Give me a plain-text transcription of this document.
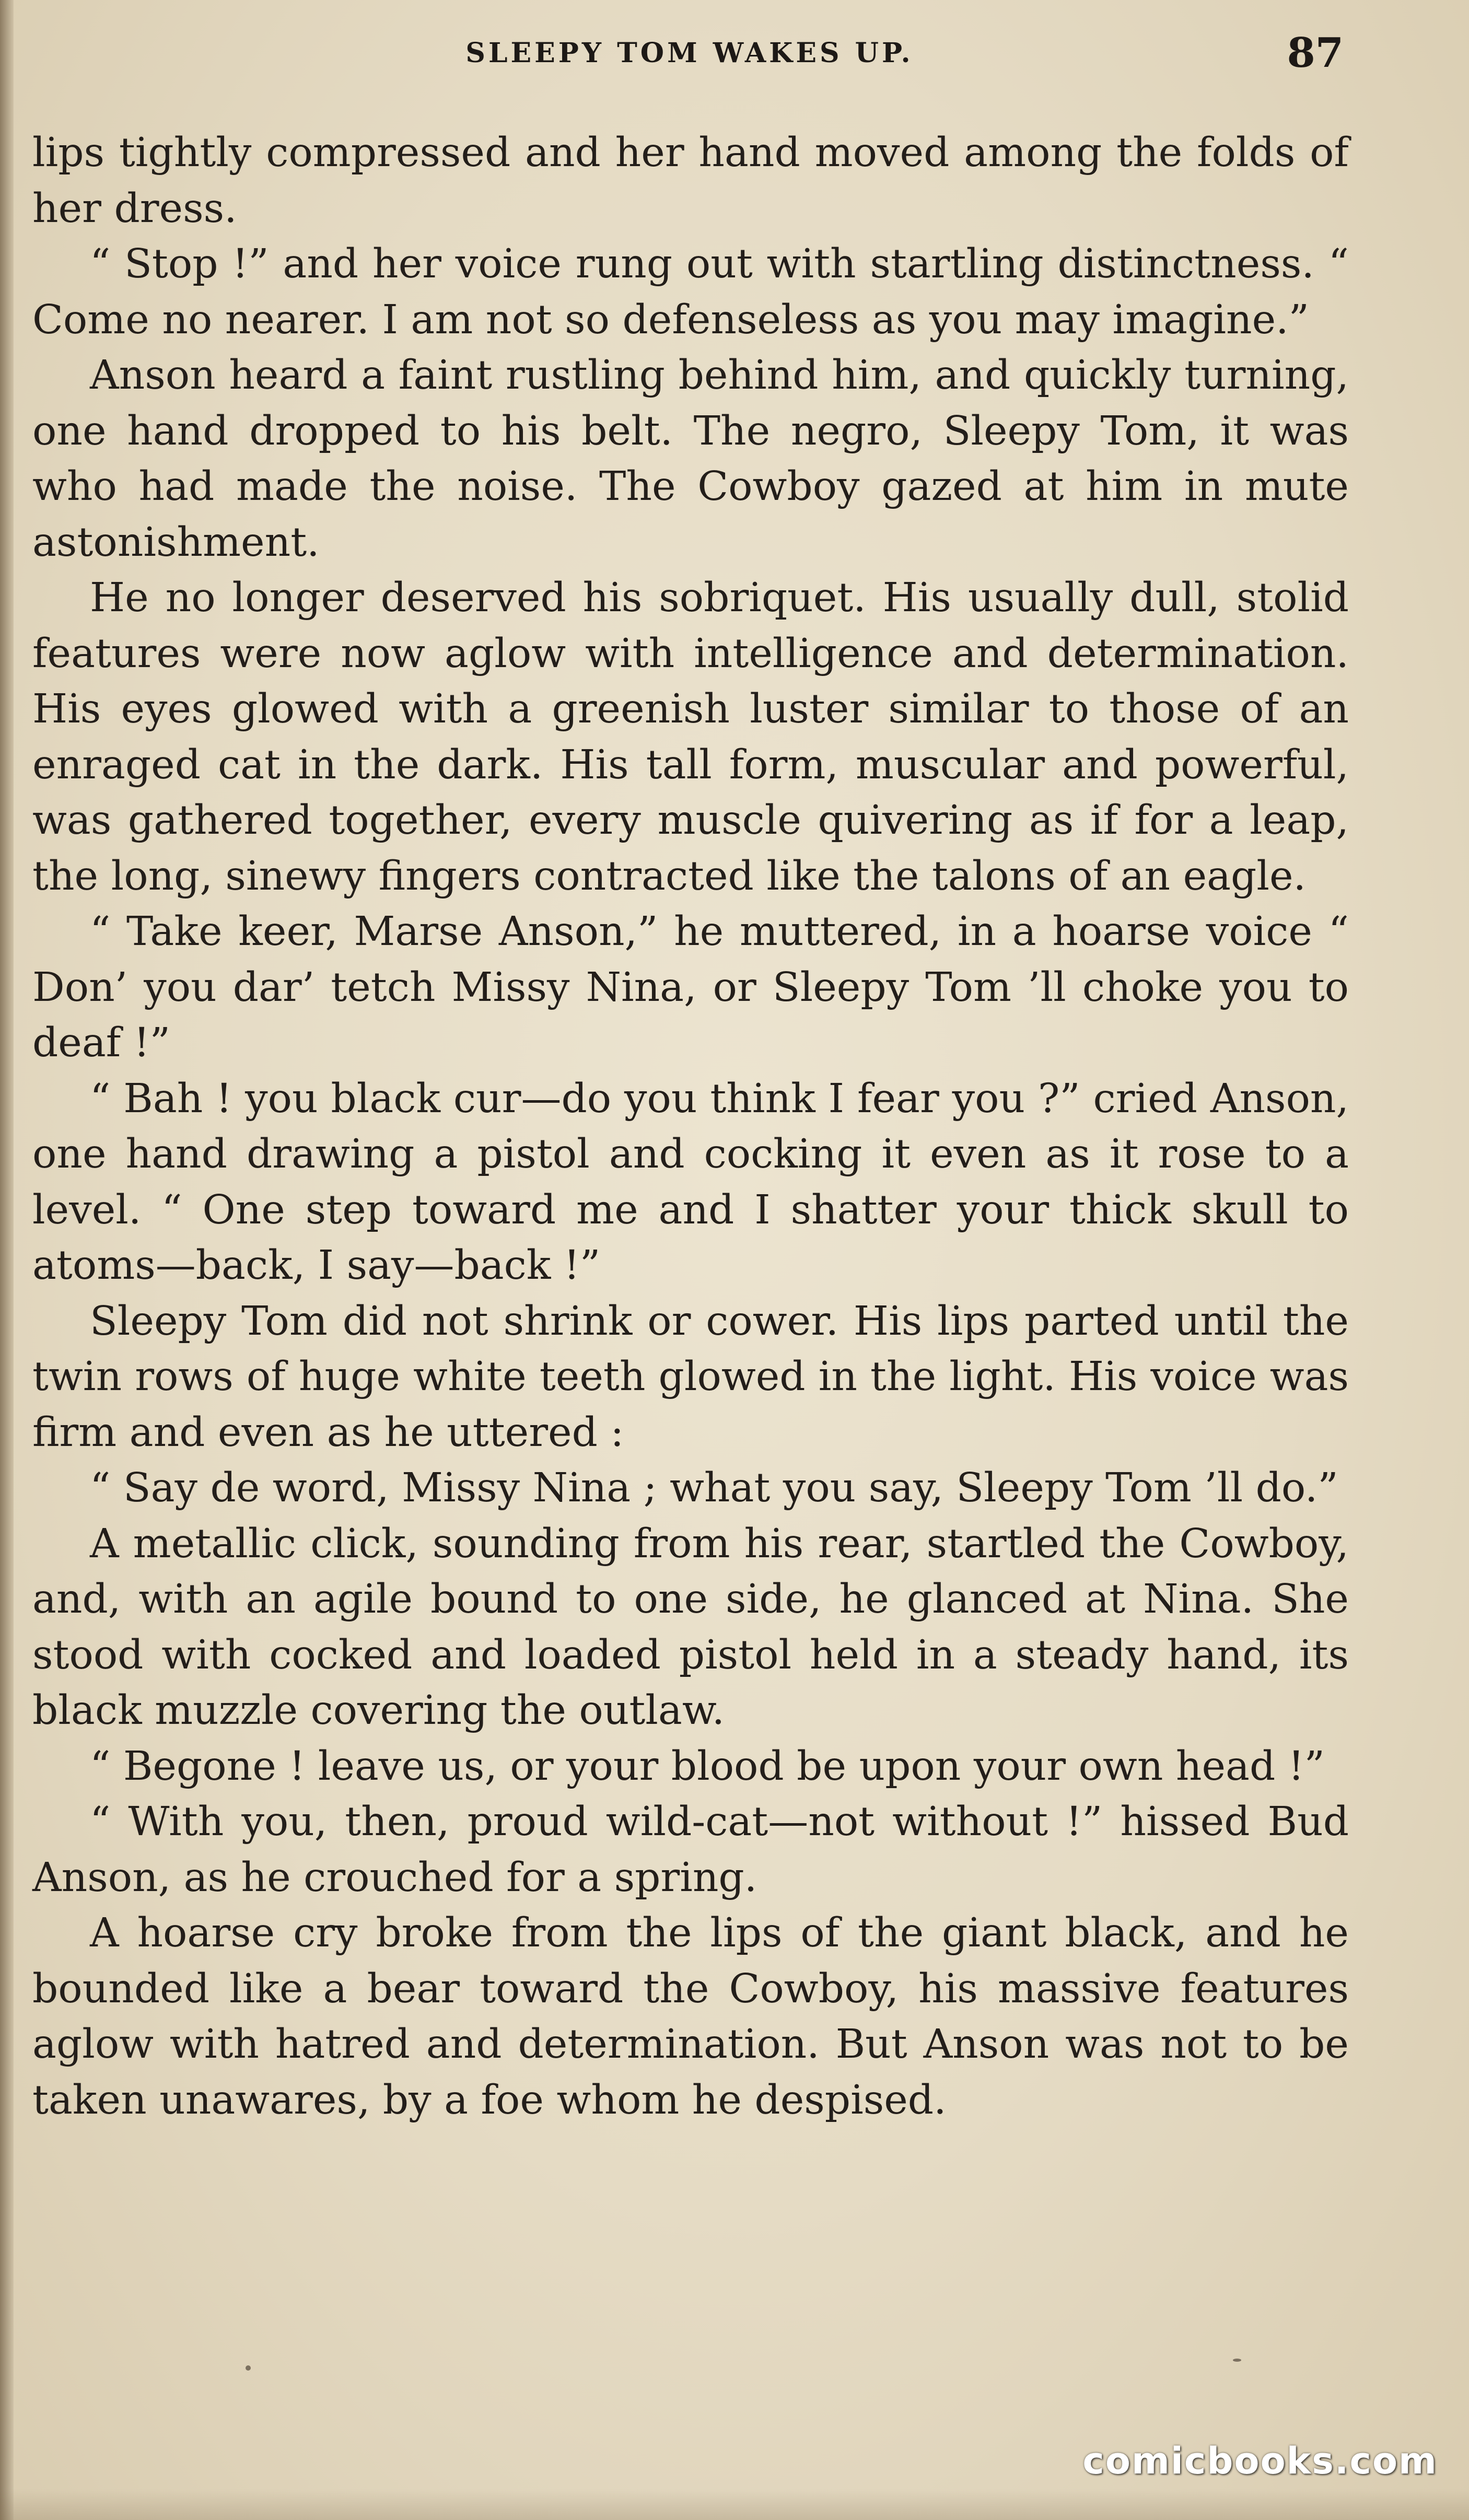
SLEEPY TOM WAKES UP.	87

lips tightly compressed and her hand moved among the folds of her dress.

“ Stop !” and her voice rung out with startling distinctness. “ Come no nearer. I am not so defenseless as you may imagine.”

Anson heard a faint rustling behind him, and quickly turning, one hand dropped to his belt. The negro, Sleepy Tom, it was who had made the noise. The Cowboy gazed at him in mute astonishment.

He no longer deserved his sobriquet. His usually dull, stolid features were now aglow with intelligence and determination. His eyes glowed with a greenish luster similar to those of an enraged cat in the dark. His tall form, muscular and powerful, was gathered together, every muscle quivering as if for a leap, the long, sinewy fingers contracted like the talons of an eagle.

“ Take keer, Marse Anson,” he muttered, in a hoarse voice “ Don’ you dar’ tetch Missy Nina, or Sleepy Tom ’ll choke you to deaf !”

“ Bah ! you black cur—do you think I fear you ?” cried Anson, one hand drawing a pistol and cocking it even as it rose to a level. “ One step toward me and I shatter your thick skull to atoms—back, I say—back !”

Sleepy Tom did not shrink or cower. His lips parted until the twin rows of huge white teeth glowed in the light. His voice was firm and even as he uttered :

“ Say de word, Missy Nina ; what you say, Sleepy Tom ’ll do.”

A metallic click, sounding from his rear, startled the Cowboy, and, with an agile bound to one side, he glanced at Nina. She stood with cocked and loaded pistol held in a steady hand, its black muzzle covering the outlaw.

“ Begone ! leave us, or your blood be upon your own head !”

“ With you, then, proud wild-cat—not without !” hissed Bud Anson, as he crouched for a spring.

A hoarse cry broke from the lips of the giant black, and he bounded like a bear toward the Cowboy, his massive features aglow with hatred and determination. But Anson was not to be taken unawares, by a foe whom he despised.

comicbooks.com
